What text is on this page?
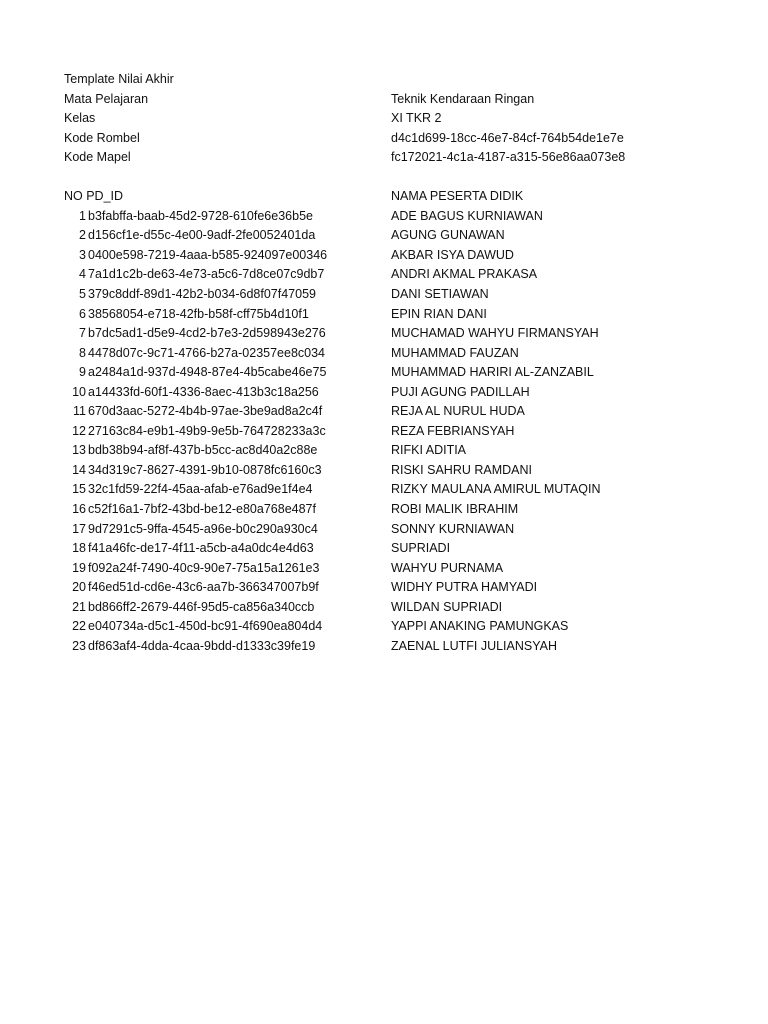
Template Nilai Akhir
Mata Pelajaran	Teknik Kendaraan Ringan
Kelas	XI TKR 2
Kode Rombel	d4c1d699-18cc-46e7-84cf-764b54de1e7e
Kode Mapel	fc172021-4c1a-4187-a315-56e86aa073e8
NO PD_ID	NAMA PESERTA DIDIK
1 b3fabffa-baab-45d2-9728-610fe6e36b5e	ADE BAGUS KURNIAWAN
2 d156cf1e-d55c-4e00-9adf-2fe0052401da	AGUNG GUNAWAN
3 0400e598-7219-4aaa-b585-924097e00346	AKBAR ISYA DAWUD
4 7a1d1c2b-de63-4e73-a5c6-7d8ce07c9db7	ANDRI AKMAL PRAKASA
5 379c8ddf-89d1-42b2-b034-6d8f07f47059	DANI SETIAWAN
6 38568054-e718-42fb-b58f-cff75b4d10f1	EPIN RIAN DANI
7 b7dc5ad1-d5e9-4cd2-b7e3-2d598943e276	MUCHAMAD WAHYU FIRMANSYAH
8 4478d07c-9c71-4766-b27a-02357ee8c034	MUHAMMAD FAUZAN
9 a2484a1d-937d-4948-87e4-4b5cabe46e75	MUHAMMAD HARIRI AL-ZANZABIL
10 a14433fd-60f1-4336-8aec-413b3c18a256	PUJI AGUNG PADILLAH
11 670d3aac-5272-4b4b-97ae-3be9ad8a2c4f	REJA AL NURUL HUDA
12 27163c84-e9b1-49b9-9e5b-764728233a3c	REZA FEBRIANSYAH
13 bdb38b94-af8f-437b-b5cc-ac8d40a2c88e	RIFKI ADITIA
14 34d319c7-8627-4391-9b10-0878fc6160c3	RISKI SAHRU RAMDANI
15 32c1fd59-22f4-45aa-afab-e76ad9e1f4e4	RIZKY MAULANA AMIRUL MUTAQIN
16 c52f16a1-7bf2-43bd-be12-e80a768e487f	ROBI MALIK IBRAHIM
17 9d7291c5-9ffa-4545-a96e-b0c290a930c4	SONNY KURNIAWAN
18 f41a46fc-de17-4f11-a5cb-a4a0dc4e4d63	SUPRIADI
19 f092a24f-7490-40c9-90e7-75a15a1261e3	WAHYU PURNAMA
20 f46ed51d-cd6e-43c6-aa7b-366347007b9f	WIDHY PUTRA HAMYADI
21 bd866ff2-2679-446f-95d5-ca856a340ccb	WILDAN SUPRIADI
22 e040734a-d5c1-450d-bc91-4f690ea804d4	YAPPI ANAKING PAMUNGKAS
23 df863af4-4dda-4caa-9bdd-d1333c39fe19	ZAENAL LUTFI JULIANSYAH
